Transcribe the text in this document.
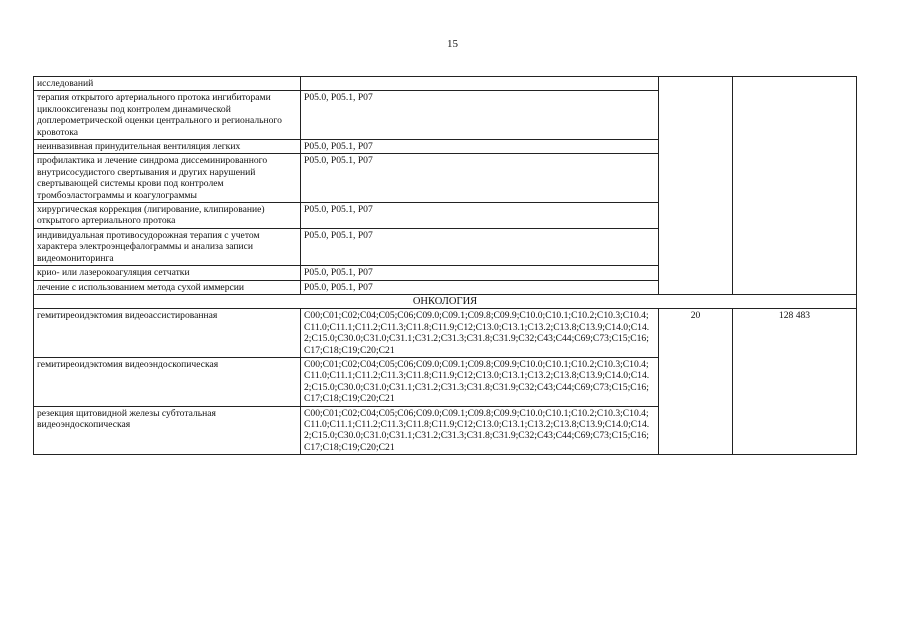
15
исследований			
терапия открытого артериального протока ингибиторами циклооксигеназы под контролем динамической доплерометрической оценки центрального и регионального кровотока	P05.0, P05.1, P07		
неинвазивная принудительная вентиляция легких	P05.0, P05.1, P07		
профилактика и лечение синдрома диссеминированного внутрисосудистого свертывания и других нарушений свертывающей системы крови под контролем тромбоэластограммы и коагулограммы	P05.0, P05.1, P07		
хирургическая коррекция (лигирование, клипирование) открытого артериального протока	P05.0, P05.1, P07		
индивидуальная противосудорожная терапия с учетом характера электроэнцефалограммы и анализа записи видеомониторинга	P05.0, P05.1, P07		
крио- или лазерокоагуляция сетчатки	P05.0, P05.1, P07		
лечение с использованием метода сухой иммерсии	P05.0, P05.1, P07		
ОНКОЛОГИЯ			
гемитиреоидэктомия видеоассистированная	C00;C01;C02;C04;C05;C06;C09.0;C09.1;C09.8;C09.9;C10.0;C10.1;C10.2;C10.3;C10.4;C11.0;C11.1;C11.2;C11.3;C11.8;C11.9;C12;C13.0;C13.1;C13.2;C13.8;C13.9;C14.0;C14.2;C15.0;C30.0;C31.0;C31.1;C31.2;C31.3;C31.8;C31.9;C32;C43;C44;C69;C73;C15;C16;C17;C18;C19;C20;C21	20	128 483
гемитиреоидэктомия видеоэндоскопическая	C00;C01;C02;C04;C05;C06;C09.0;C09.1;C09.8;C09.9;C10.0;C10.1;C10.2;C10.3;C10.4;C11.0;C11.1;C11.2;C11.3;C11.8;C11.9;C12;C13.0;C13.1;C13.2;C13.8;C13.9;C14.0;C14.2;C15.0;C30.0;C31.0;C31.1;C31.2;C31.3;C31.8;C31.9;C32;C43;C44;C69;C73;C15;C16;C17;C18;C19;C20;C21		
резекция щитовидной железы субтотальная видеоэндоскопическая	C00;C01;C02;C04;C05;C06;C09.0;C09.1;C09.8;C09.9;C10.0;C10.1;C10.2;C10.3;C10.4;C11.0;C11.1;C11.2;C11.3;C11.8;C11.9;C12;C13.0;C13.1;C13.2;C13.8;C13.9;C14.0;C14.2;C15.0;C30.0;C31.0;C31.1;C31.2;C31.3;C31.8;C31.9;C32;C43;C44;C69;C73;C15;C16;C17;C18;C19;C20;C21		
